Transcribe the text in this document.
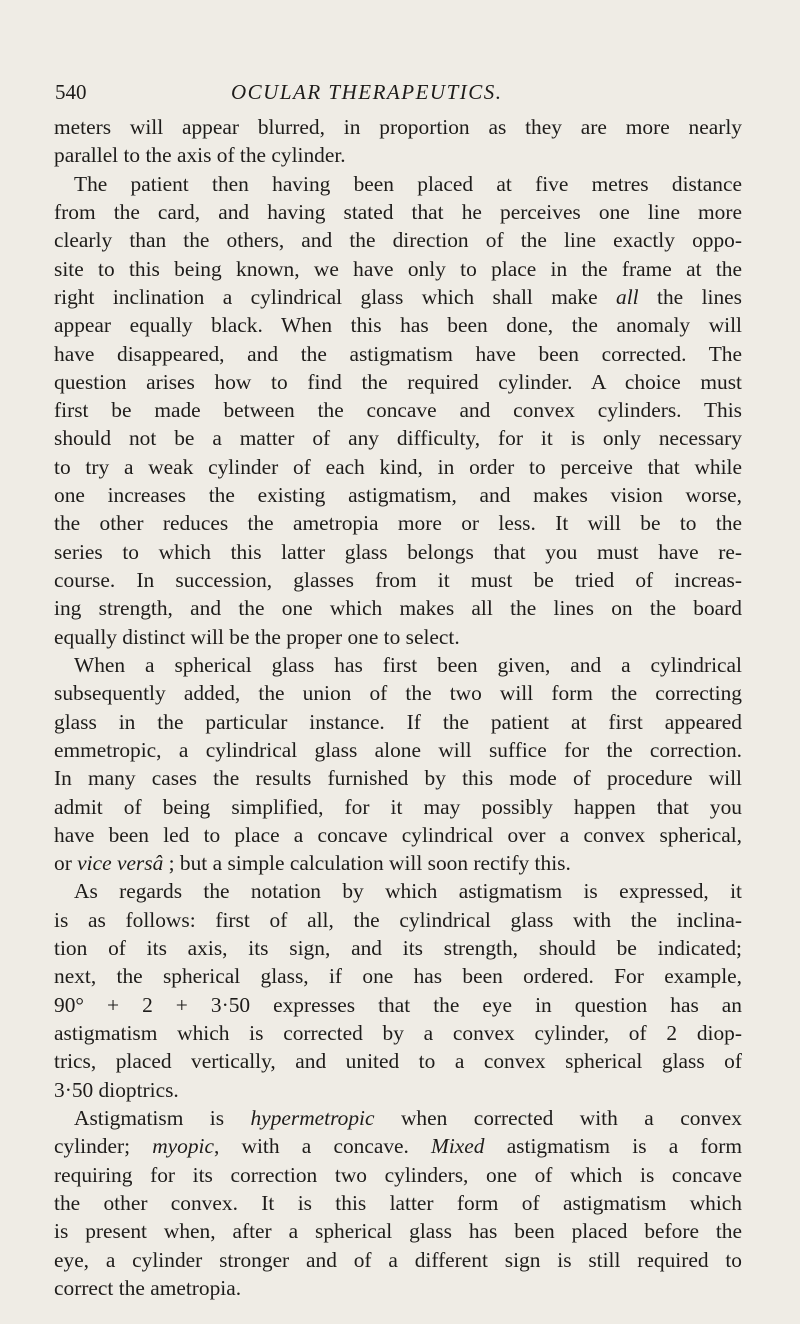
540	OCULAR THERAPEUTICS.
meters will appear blurred, in proportion as they are more nearly
parallel to the axis of the cylinder.
The patient then having been placed at five metres distance
from the card, and having stated that he perceives one line more
clearly than the others, and the direction of the line exactly oppo-
site to this being known, we have only to place in the frame at the
right inclination a cylindrical glass which shall make all the lines
appear equally black. When this has been done, the anomaly will
have disappeared, and the astigmatism have been corrected. The
question arises how to find the required cylinder. A choice must
first be made between the concave and convex cylinders. This
should not be a matter of any difficulty, for it is only necessary
to try a weak cylinder of each kind, in order to perceive that while
one increases the existing astigmatism, and makes vision worse,
the other reduces the ametropia more or less. It will be to the
series to which this latter glass belongs that you must have re-
course. In succession, glasses from it must be tried of increas-
ing strength, and the one which makes all the lines on the board
equally distinct will be the proper one to select.
When a spherical glass has first been given, and a cylindrical
subsequently added, the union of the two will form the correcting
glass in the particular instance. If the patient at first appeared
emmetropic, a cylindrical glass alone will suffice for the correction.
In many cases the results furnished by this mode of procedure will
admit of being simplified, for it may possibly happen that you
have been led to place a concave cylindrical over a convex spherical,
or vice versâ ; but a simple calculation will soon rectify this.
As regards the notation by which astigmatism is expressed, it
is as follows: first of all, the cylindrical glass with the inclina-
tion of its axis, its sign, and its strength, should be indicated;
next, the spherical glass, if one has been ordered. For example,
90° + 2 + 3·50 expresses that the eye in question has an
astigmatism which is corrected by a convex cylinder, of 2 diop-
trics, placed vertically, and united to a convex spherical glass of
3·50 dioptrics.
Astigmatism is hypermetropic when corrected with a convex
cylinder; myopic, with a concave. Mixed astigmatism is a form
requiring for its correction two cylinders, one of which is concave
the other convex. It is this latter form of astigmatism which
is present when, after a spherical glass has been placed before the
eye, a cylinder stronger and of a different sign is still required to
correct the ametropia.
